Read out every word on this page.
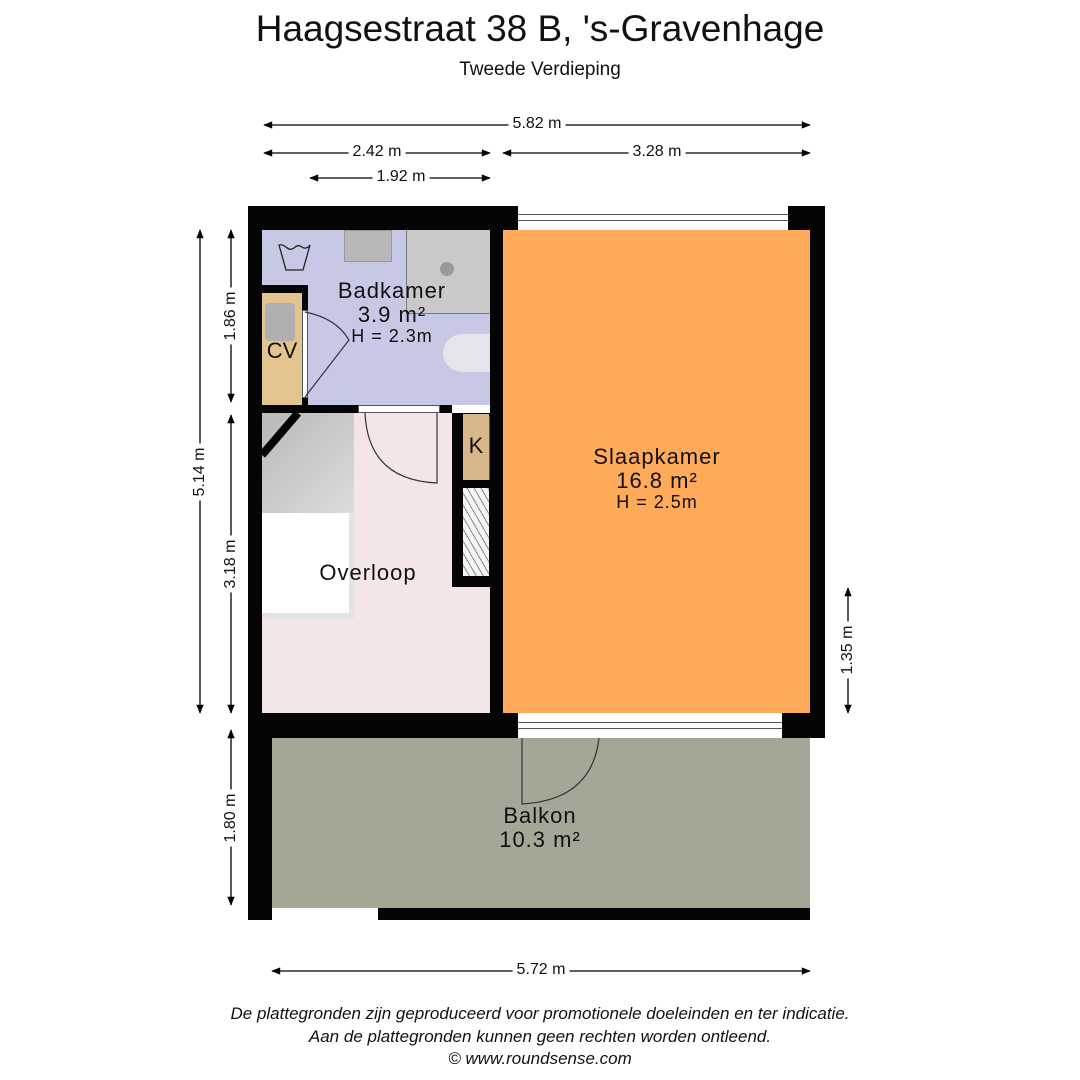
Haagsestraat 38 B, 's-Gravenhage
Tweede Verdieping
5.82 m
2.42 m	3.28 m
1.92 m
5.14 m
1.86 m
3.18 m
1.80 m
1.35 m
5.72 m
CV
K
Badkamer
3.9 m²
H = 2.3m
Overloop
Slaapkamer
16.8 m²
H = 2.5m
Balkon
10.3 m²
De plattegronden zijn geproduceerd voor promotionele doeleinden en ter indicatie.
Aan de plattegronden kunnen geen rechten worden ontleend.
© www.roundsense.com
